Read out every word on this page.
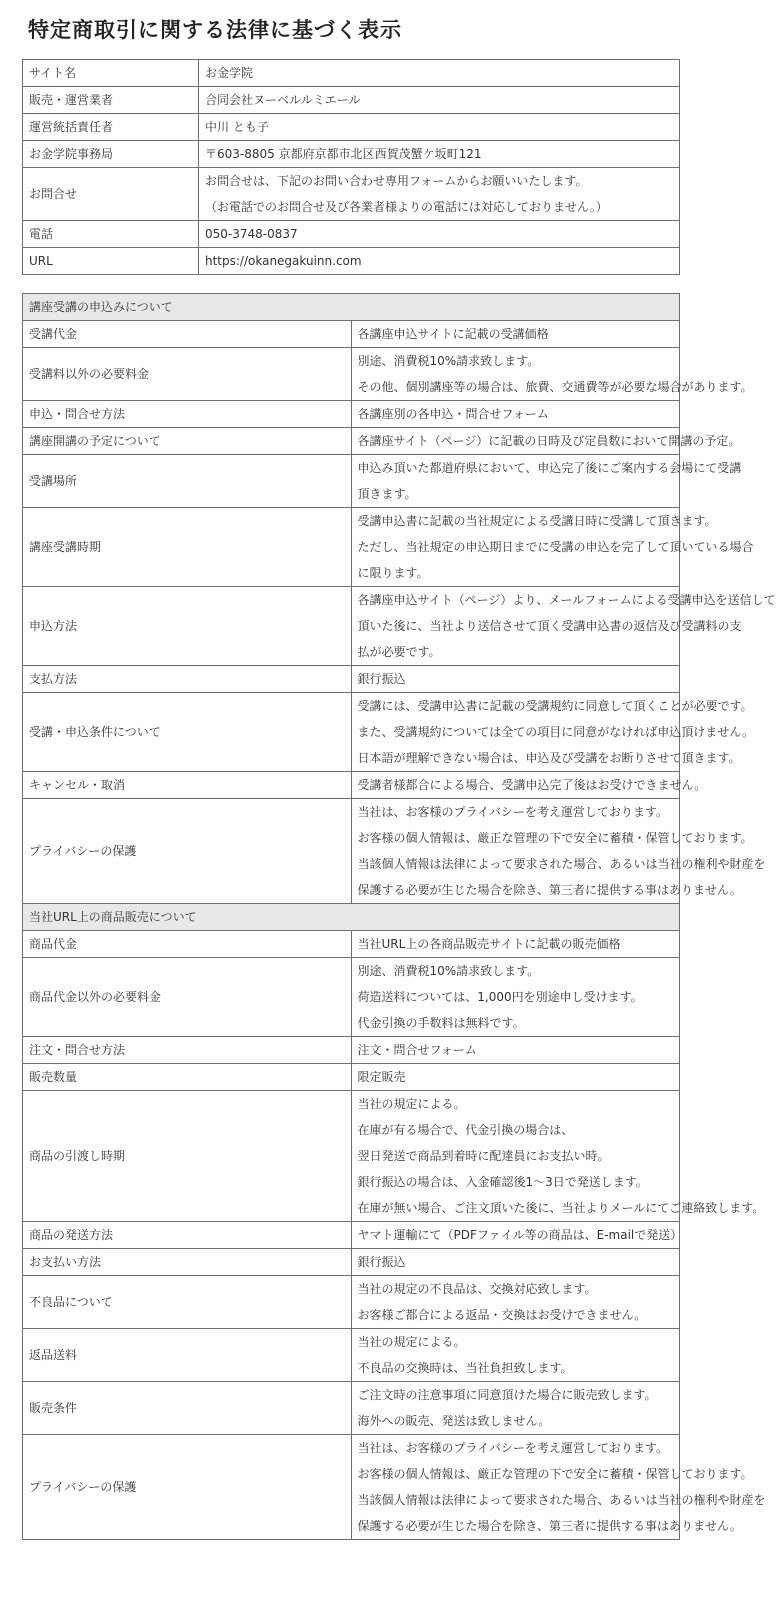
特定商取引に関する法律に基づく表示
サイト名	お金学院

販売・運営業者	合同会社ヌーベルルミエール

運営統括責任者	中川 とも子

お金学院事務局	〒603-8805 京都府京都市北区西賀茂蟹ケ坂町121

お問合せ	お問合せは、下記のお問い合わせ専用フォームからお願いいたします。
（お電話でのお問合せ及び各業者様よりの電話には対応しておりません。）

電話	050-3748-0837

URL	https://okanegakuinn.com
講座受講の申込みについて	
受講代金	各講座申込サイトに記載の受講価格

受講料以外の必要料金	別途、消費税10%請求致します。
その他、個別講座等の場合は、旅費、交通費等が必要な場合があります。

申込・問合せ方法	各講座別の各申込・問合せフォーム

講座開講の予定について	各講座サイト（ページ）に記載の日時及び定員数において開講の予定。

受講場所	申込み頂いた都道府県において、申込完了後にご案内する会場にて受講
頂きます。

講座受講時期	受講申込書に記載の当社規定による受講日時に受講して頂きます。
ただし、当社規定の申込期日までに受講の申込を完了して頂いている場合
に限ります。

申込方法	各講座申込サイト（ページ）より、メールフォームによる受講申込を送信して
頂いた後に、当社より送信させて頂く受講申込書の返信及び受講料の支
払が必要です。

支払方法	銀行振込

受講・申込条件について	受講には、受講申込書に記載の受講規約に同意して頂くことが必要です。
また、受講規約については全ての項目に同意がなければ申込頂けません。
日本語が理解できない場合は、申込及び受講をお断りさせて頂きます。

キャンセル・取消	受講者様都合による場合、受講申込完了後はお受けできません。

プライバシーの保護	当社は、お客様のプライバシーを考え運営しております。
お客様の個人情報は、厳正な管理の下で安全に蓄積・保管しております。
当該個人情報は法律によって要求された場合、あるいは当社の権利や財産を
保護する必要が生じた場合を除き、第三者に提供する事はありません。

当社URL上の商品販売について	
商品代金	当社URL上の各商品販売サイトに記載の販売価格

商品代金以外の必要料金	別途、消費税10%請求致します。
荷造送料については、1,000円を別途申し受けます。
代金引換の手数料は無料です。

注文・問合せ方法	注文・問合せフォーム

販売数量	限定販売

商品の引渡し時期	当社の規定による。
在庫が有る場合で、代金引換の場合は、
翌日発送で商品到着時に配達員にお支払い時。
銀行振込の場合は、入金確認後1～3日で発送します。
在庫が無い場合、ご注文頂いた後に、当社よりメールにてご連絡致します。

商品の発送方法	ヤマト運輸にて（PDFファイル等の商品は、E-mailで発送）

お支払い方法	銀行振込

不良品について	当社の規定の不良品は、交換対応致します。
お客様ご都合による返品・交換はお受けできません。

返品送料	当社の規定による。
不良品の交換時は、当社負担致します。

販売条件	ご注文時の注意事項に同意頂けた場合に販売致します。
海外への販売、発送は致しません。

プライバシーの保護	当社は、お客様のプライバシーを考え運営しております。
お客様の個人情報は、厳正な管理の下で安全に蓄積・保管しております。
当該個人情報は法律によって要求された場合、あるいは当社の権利や財産を
保護する必要が生じた場合を除き、第三者に提供する事はありません。
